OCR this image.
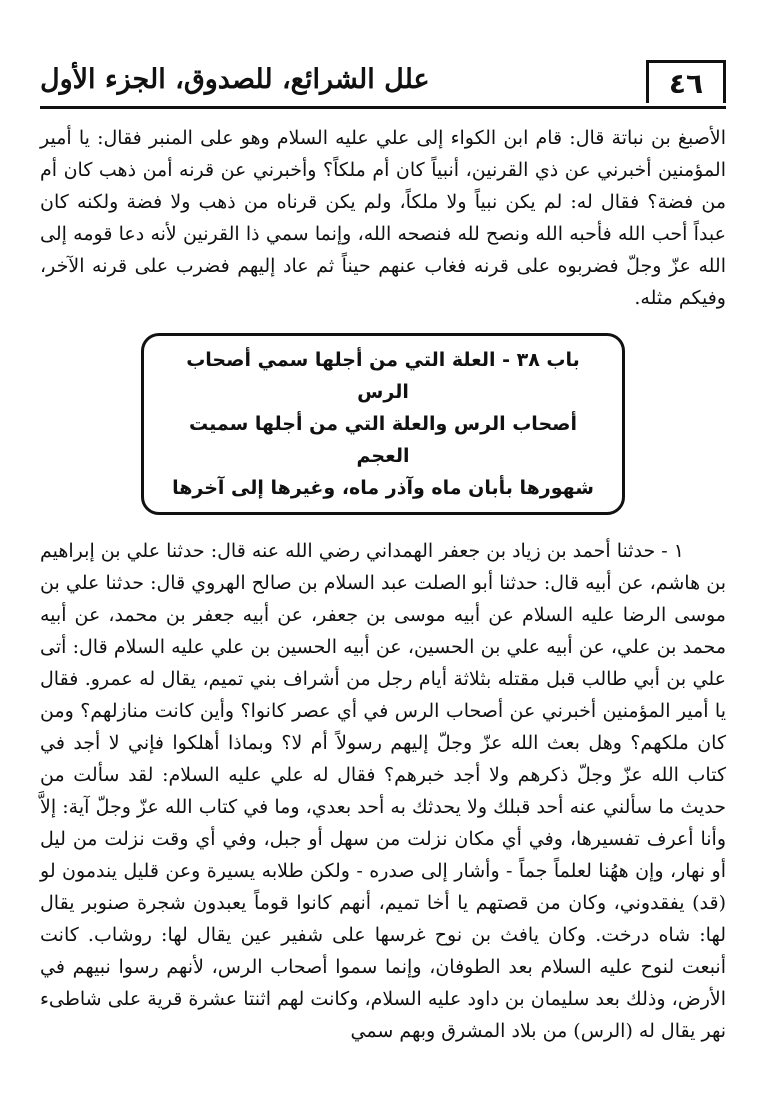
٤٦
علل الشرائع، للصدوق، الجزء الأول

الأصبغ بن نباتة قال: قام ابن الكواء إلى علي عليه السلام وهو على المنبر فقال: يا أمير المؤمنين أخبرني عن ذي القرنين، أنبياً كان أم ملكاً؟ وأخبرني عن قرنه أمن ذهب كان أم من فضة؟ فقال له: لم يكن نبياً ولا ملكاً، ولم يكن قرناه من ذهب ولا فضة ولكنه كان عبداً أحب الله فأحبه الله ونصح لله فنصحه الله، وإنما سمي ذا القرنين لأنه دعا قومه إلى الله عزّ وجلّ فضربوه على قرنه فغاب عنهم حيناً ثم عاد إليهم فضرب على قرنه الآخر، وفيكم مثله.

باب ٣٨ - العلة التي من أجلها سمي أصحاب الرس
أصحاب الرس والعلة التي من أجلها سميت العجم
شهورها بأبان ماه وآذر ماه، وغيرها إلى آخرها

١ - حدثنا أحمد بن زياد بن جعفر الهمداني رضي الله عنه قال: حدثنا علي بن إبراهيم بن هاشم، عن أبيه قال: حدثنا أبو الصلت عبد السلام بن صالح الهروي قال: حدثنا علي بن موسى الرضا عليه السلام عن أبيه موسى بن جعفر، عن أبيه جعفر بن محمد، عن أبيه محمد بن علي، عن أبيه علي بن الحسين، عن أبيه الحسين بن علي عليه السلام قال: أتى علي بن أبي طالب قبل مقتله بثلاثة أيام رجل من أشراف بني تميم، يقال له عمرو. فقال يا أمير المؤمنين أخبرني عن أصحاب الرس في أي عصر كانوا؟ وأين كانت منازلهم؟ ومن كان ملكهم؟ وهل بعث الله عزّ وجلّ إليهم رسولاً أم لا؟ وبماذا أهلكوا فإني لا أجد في كتاب الله عزّ وجلّ ذكرهم ولا أجد خبرهم؟ فقال له علي عليه السلام: لقد سألت من حديث ما سألني عنه أحد قبلك ولا يحدثك به أحد بعدي، وما في كتاب الله عزّ وجلّ آية: إلاَّ وأنا أعرف تفسيرها، وفي أي مكان نزلت من سهل أو جبل، وفي أي وقت نزلت من ليل أو نهار، وإن ههُنا لعلماً جماً - وأشار إلى صدره - ولكن طلابه يسيرة وعن قليل يندمون لو (قد) يفقدوني، وكان من قصتهم يا أخا تميم، أنهم كانوا قوماً يعبدون شجرة صنوبر يقال لها: شاه درخت. وكان يافث بن نوح غرسها على شفير عين يقال لها: روشاب. كانت أنبعت لنوح عليه السلام بعد الطوفان، وإنما سموا أصحاب الرس، لأنهم رسوا نبيهم في الأرض، وذلك بعد سليمان بن داود عليه السلام، وكانت لهم اثنتا عشرة قرية على شاطىء نهر يقال له (الرس) من بلاد المشرق وبهم سمي
